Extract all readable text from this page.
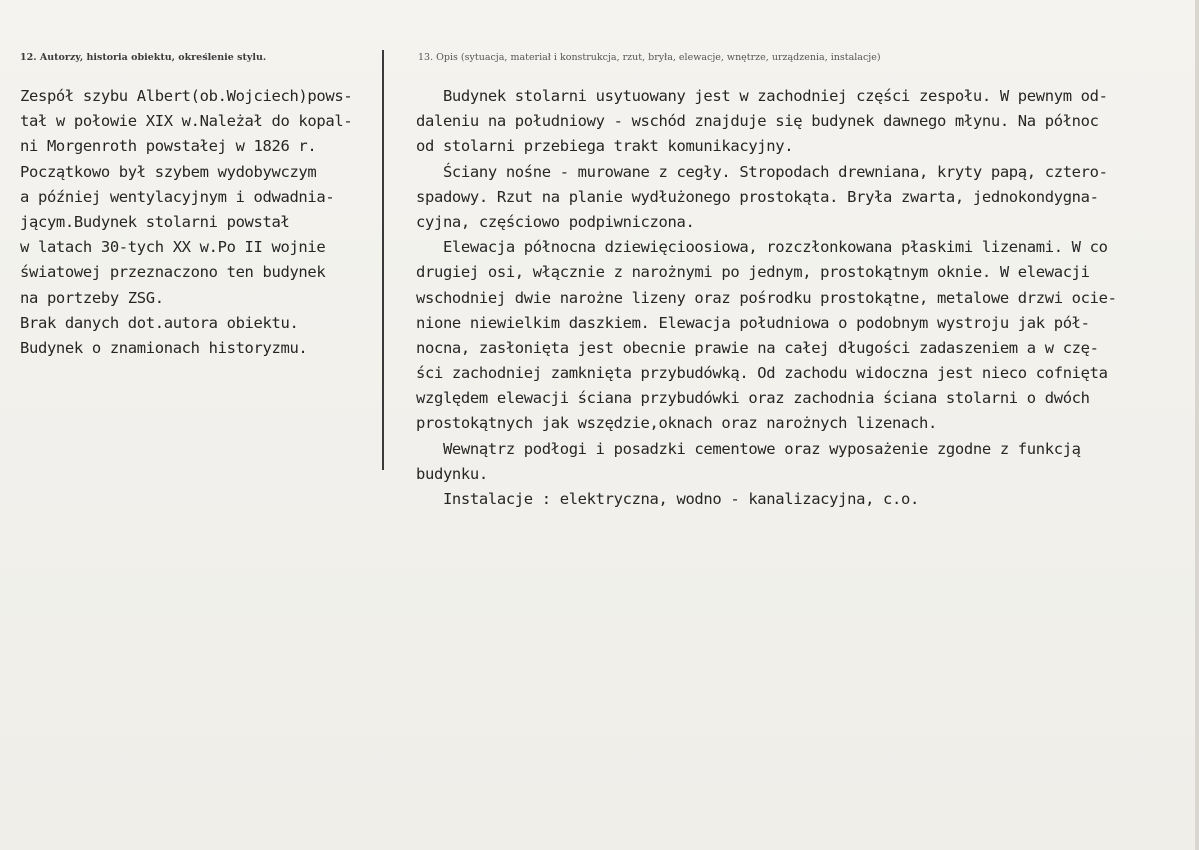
12. Autorzy, historia obiektu, określenie stylu.	13. Opis (sytuacja, materiał i konstrukcja, rzut, bryła, elewacje, wnętrze, urządzenia, instalacje)
Zespół szybu Albert(ob.Wojciech)pows-
tał w połowie XIX w.Należał do kopal-
ni Morgenroth powstałej w 1826 r.
Początkowo był szybem wydobywczym
a później wentylacyjnym i odwadnia-
jącym.Budynek stolarni powstał
w latach 30-tych XX w.Po II wojnie
światowej przeznaczono ten budynek
na portzeby ZSG.
Brak danych dot.autora obiektu.
Budynek o znamionach historyzmu.
Budynek stolarni usytuowany jest w zachodniej części zespołu. W pewnym od-
daleniu na południowy - wschód znajduje się budynek dawnego młynu. Na północ
od stolarni przebiega trakt komunikacyjny.
Ściany nośne - murowane z cegły. Stropodach drewniana, kryty papą, cztero-
spadowy. Rzut na planie wydłużonego prostokąta. Bryła zwarta, jednokondygna-
cyjna, częściowo podpiwniczona.
Elewacja północna dziewięcioosiowa, rozczłonkowana płaskimi lizenami. W co
drugiej osi, włącznie z narożnymi po jednym, prostokątnym oknie. W elewacji
wschodniej dwie narożne lizeny oraz pośrodku prostokątne, metalowe drzwi ocie-
nione niewielkim daszkiem. Elewacja południowa o podobnym wystroju jak pół-
nocna, zasłonięta jest obecnie prawie na całej długości zadaszeniem a w czę-
ści zachodniej zamknięta przybudówką. Od zachodu widoczna jest nieco cofnięta
względem elewacji ściana przybudówki oraz zachodnia ściana stolarni o dwóch
prostokątnych jak wszędzie,oknach oraz narożnych lizenach.
Wewnątrz podłogi i posadzki cementowe oraz wyposażenie zgodne z funkcją
budynku.
Instalacje : elektryczna, wodno - kanalizacyjna, c.o.
